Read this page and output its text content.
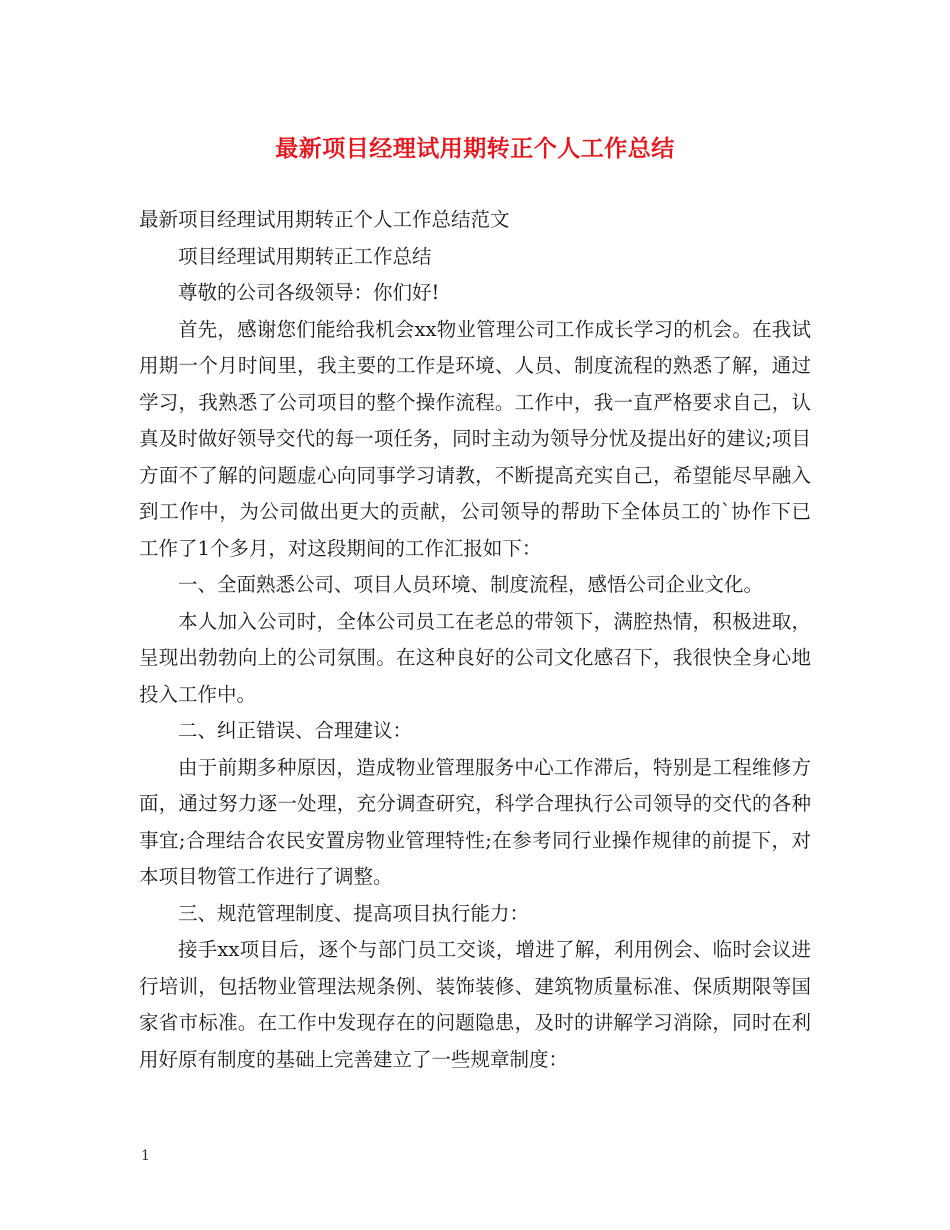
最新项目经理试用期转正个人工作总结

最新项目经理试用期转正个人工作总结范文

项目经理试用期转正工作总结

尊敬的公司各级领导：你们好!

首先，感谢您们能给我机会xx物业管理公司工作成长学习的机会。在我试用期一个月时间里，我主要的工作是环境、人员、制度流程的熟悉了解，通过学习，我熟悉了公司项目的整个操作流程。工作中，我一直严格要求自己，认真及时做好领导交代的每一项任务，同时主动为领导分忧及提出好的建议;项目方面不了解的问题虚心向同事学习请教，不断提高充实自己，希望能尽早融入到工作中，为公司做出更大的贡献，公司领导的帮助下全体员工的`协作下已工作了1个多月，对这段期间的工作汇报如下：

一、全面熟悉公司、项目人员环境、制度流程，感悟公司企业文化。

本人加入公司时，全体公司员工在老总的带领下，满腔热情，积极进取，呈现出勃勃向上的公司氛围。在这种良好的公司文化感召下，我很快全身心地投入工作中。

二、纠正错误、合理建议：

由于前期多种原因，造成物业管理服务中心工作滞后，特别是工程维修方面，通过努力逐一处理，充分调查研究，科学合理执行公司领导的交代的各种事宜;合理结合农民安置房物业管理特性;在参考同行业操作规律的前提下，对本项目物管工作进行了调整。

三、规范管理制度、提高项目执行能力：

接手xx项目后，逐个与部门员工交谈，增进了解，利用例会、临时会议进行培训，包括物业管理法规条例、装饰装修、建筑物质量标准、保质期限等国家省市标准。在工作中发现存在的问题隐患，及时的讲解学习消除，同时在利用好原有制度的基础上完善建立了一些规章制度：

1
